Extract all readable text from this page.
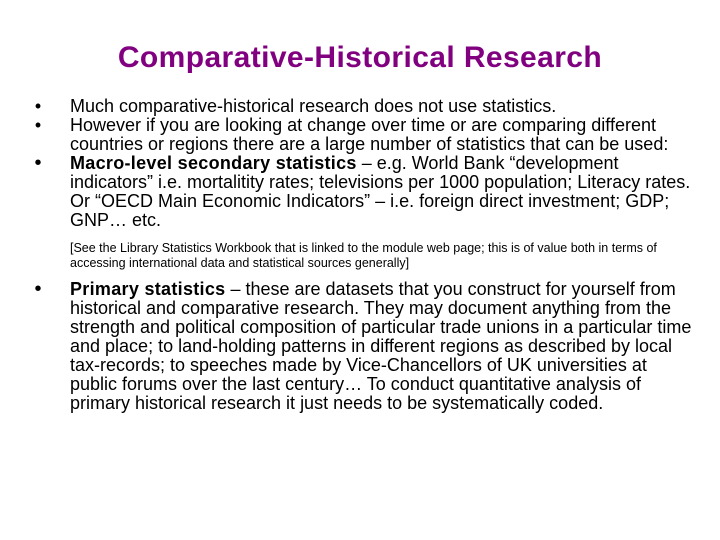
Comparative-Historical Research
• Much comparative-historical research does not use statistics.
• However if you are looking at change over time or are comparing different countries or regions there are a large number of statistics that can be used:
• Macro-level secondary statistics – e.g. World Bank “development indicators” i.e. mortalitity rates; televisions per 1000 population; Literacy rates. Or “OECD Main Economic Indicators” – i.e. foreign direct investment; GDP; GNP… etc.
[See the Library Statistics Workbook that is linked to the module web page; this is of value both in terms of accessing international data and statistical sources generally]
• Primary statistics – these are datasets that you construct for yourself from historical and comparative research. They may document anything from the strength and political composition of particular trade unions in a particular time and place; to land-holding patterns in different regions as described by local tax-records; to speeches made by Vice-Chancellors of UK universities at public forums over the last century… To conduct quantitative analysis of primary historical research it just needs to be systematically coded.
